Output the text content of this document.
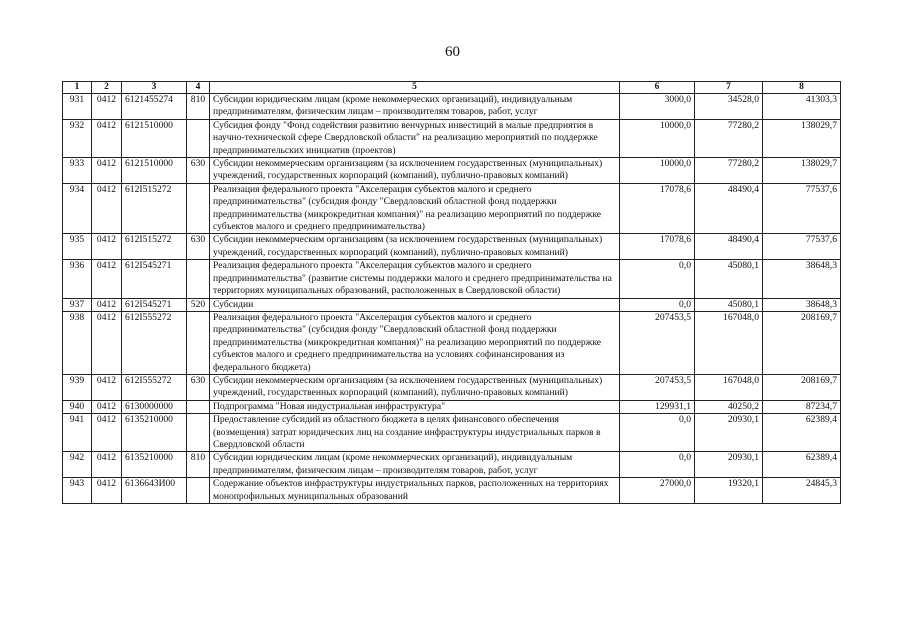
60
1	2	3	4	5	6	7	8
931	0412	6121455274	810	Субсидии юридическим лицам (кроме некоммерческих организаций), индивидуальным предпринимателям, физическим лицам – производителям товаров, работ, услуг	3000,0	34528,0	41303,3
932	0412	6121510000		Субсидия фонду "Фонд содействия развитию венчурных инвестиций в малые предприятия в научно-технической сфере Свердловской области" на реализацию мероприятий по поддержке предпринимательских инициатив (проектов)	10000,0	77280,2	138029,7
933	0412	6121510000	630	Субсидии некоммерческим организациям (за исключением государственных (муниципальных) учреждений, государственных корпораций (компаний), публично-правовых компаний)	10000,0	77280,2	138029,7
934	0412	612I515272		Реализация федерального проекта "Акселерация субъектов малого и среднего предпринимательства" (субсидия фонду "Свердловский областной фонд поддержки предпринимательства (микрокредитная компания)" на реализацию мероприятий по поддержке субъектов малого и среднего предпринимательства)	17078,6	48490,4	77537,6
935	0412	612I515272	630	Субсидии некоммерческим организациям (за исключением государственных (муниципальных) учреждений, государственных корпораций (компаний), публично-правовых компаний)	17078,6	48490,4	77537,6
936	0412	612I545271		Реализация федерального проекта "Акселерация субъектов малого и среднего предпринимательства" (развитие системы поддержки малого и среднего предпринимательства на территориях муниципальных образований, расположенных в Свердловской области)	0,0	45080,1	38648,3
937	0412	612I545271	520	Субсидии	0,0	45080,1	38648,3
938	0412	612I555272		Реализация федерального проекта "Акселерация субъектов малого и среднего предпринимательства" (субсидия фонду "Свердловский областной фонд поддержки предпринимательства (микрокредитная компания)" на реализацию мероприятий по поддержке субъектов малого и среднего предпринимательства на условиях софинансирования из федерального бюджета)	207453,5	167048,0	208169,7
939	0412	612I555272	630	Субсидии некоммерческим организациям (за исключением государственных (муниципальных) учреждений, государственных корпораций (компаний), публично-правовых компаний)	207453,5	167048,0	208169,7
940	0412	6130000000		Подпрограмма "Новая индустриальная инфраструктура"	129931,1	40250,2	87234,7
941	0412	6135210000		Предоставление субсидий из областного бюджета в целях финансового обеспечения (возмещения) затрат юридических лиц на создание инфраструктуры индустриальных парков в Свердловской области	0,0	20930,1	62389,4
942	0412	6135210000	810	Субсидии юридическим лицам (кроме некоммерческих организаций), индивидуальным предпринимателям, физическим лицам – производителям товаров, работ, услуг	0,0	20930,1	62389,4
943	0412	6136643И00		Содержание объектов инфраструктуры индустриальных парков, расположенных на территориях монопрофильных муниципальных образований	27000,0	19320,1	24845,3
